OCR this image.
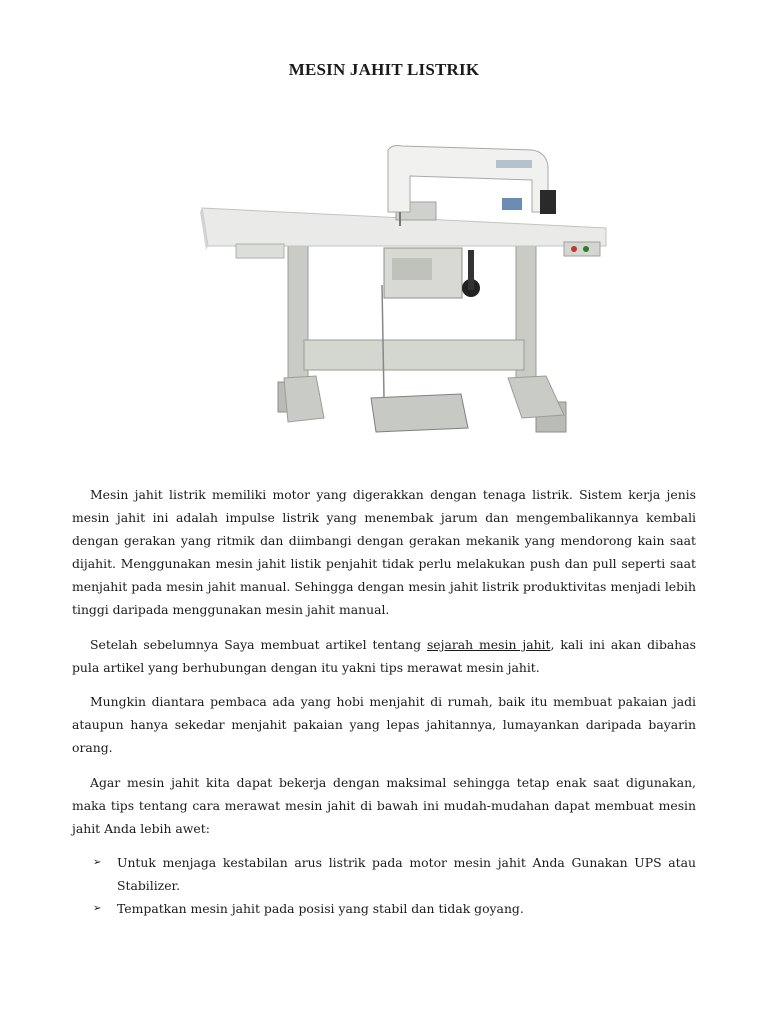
MESIN JAHIT LISTRIK

Mesin jahit listrik memiliki motor yang digerakkan dengan tenaga listrik. Sistem kerja jenis mesin jahit ini adalah impulse listrik yang menembak jarum dan mengembalikannya kembali dengan gerakan yang ritmik dan diimbangi dengan gerakan mekanik yang mendorong kain saat dijahit. Menggunakan mesin jahit listik penjahit tidak perlu melakukan push dan pull seperti saat menjahit pada mesin jahit manual. Sehingga dengan mesin jahit listrik produktivitas menjadi lebih tinggi daripada menggunakan mesin jahit manual.

Setelah sebelumnya Saya membuat artikel tentang sejarah mesin jahit, kali ini akan dibahas pula artikel yang berhubungan dengan itu yakni tips merawat mesin jahit.

Mungkin diantara pembaca ada yang hobi menjahit di rumah, baik itu membuat pakaian jadi ataupun hanya sekedar menjahit pakaian yang lepas jahitannya, lumayankan daripada bayarin orang.

Agar mesin jahit kita dapat bekerja dengan maksimal sehingga tetap enak saat digunakan, maka tips tentang cara merawat mesin jahit di bawah ini mudah-mudahan dapat membuat mesin jahit Anda lebih awet:

➢ Untuk menjaga kestabilan arus listrik pada motor mesin jahit Anda Gunakan UPS atau Stabilizer.
➢ Tempatkan mesin jahit pada posisi yang stabil dan tidak goyang.
